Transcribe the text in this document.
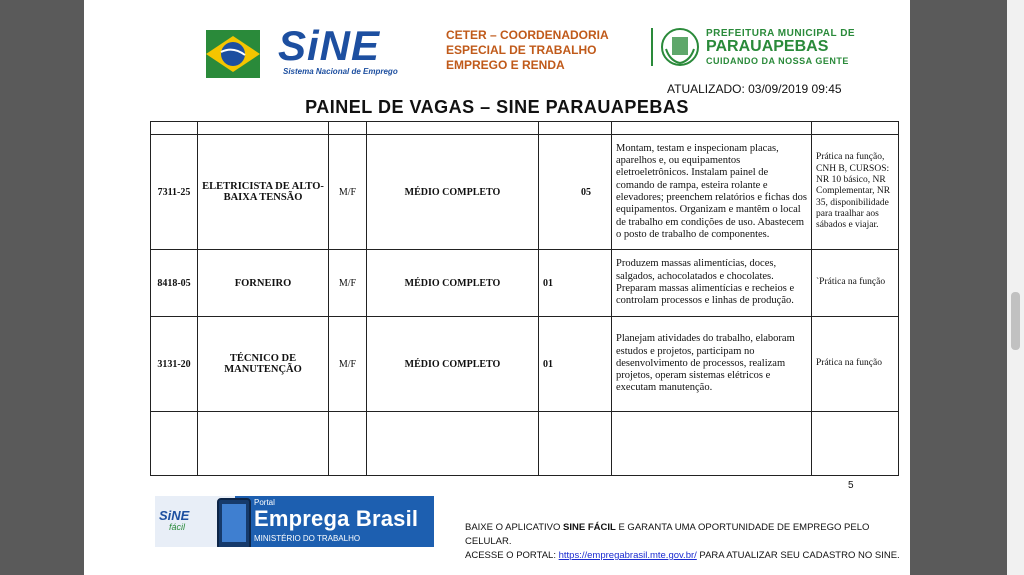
SiNE
Sistema Nacional de Emprego
CETER – COORDENADORIA
ESPECIAL DE TRABALHO
EMPREGO E RENDA
PREFEITURA MUNICIPAL DE
PARAUAPEBAS
CUIDANDO DA NOSSA GENTE
ATUALIZADO: 03/09/2019 09:45
PAINEL DE VAGAS – SINE PARAUAPEBAS

7311-25	ELETRICISTA DE ALTO-BAIXA TENSÃO	M/F	MÉDIO COMPLETO	05	Montam, testam e inspecionam placas, aparelhos e, ou equipamentos eletroeletrônicos. Instalam painel de comando de rampa, esteira rolante e elevadores; preenchem relatórios e fichas dos equipamentos. Organizam e mantêm o local de trabalho em condições de uso. Abastecem o posto de trabalho de componentes.	Prática na função, CNH B, CURSOS: NR 10 básico, NR Complementar, NR 35, disponibilidade para traalhar aos sábados e viajar.
8418-05	FORNEIRO	M/F	MÉDIO COMPLETO	01	Produzem massas alimentícias, doces, salgados, achocolatados e chocolates. Preparam massas alimentícias e recheios e controlam processos e linhas de produção.	`Prática na função
3131-20	TÉCNICO DE MANUTENÇÃO	M/F	MÉDIO COMPLETO	01	Planejam atividades do trabalho, elaboram estudos e projetos, participam no desenvolvimento de processos, realizam projetos, operam sistemas elétricos e executam manutenção.	Prática na função

5
SiNE
fácil
Portal
Emprega Brasil
MINISTÉRIO DO TRABALHO
BAIXE O APLICATIVO SINE FÁCIL E GARANTA UMA OPORTUNIDADE DE EMPREGO PELO CELULAR.
ACESSE O PORTAL: https://empregabrasil.mte.gov.br/ PARA ATUALIZAR SEU CADASTRO NO SINE.
